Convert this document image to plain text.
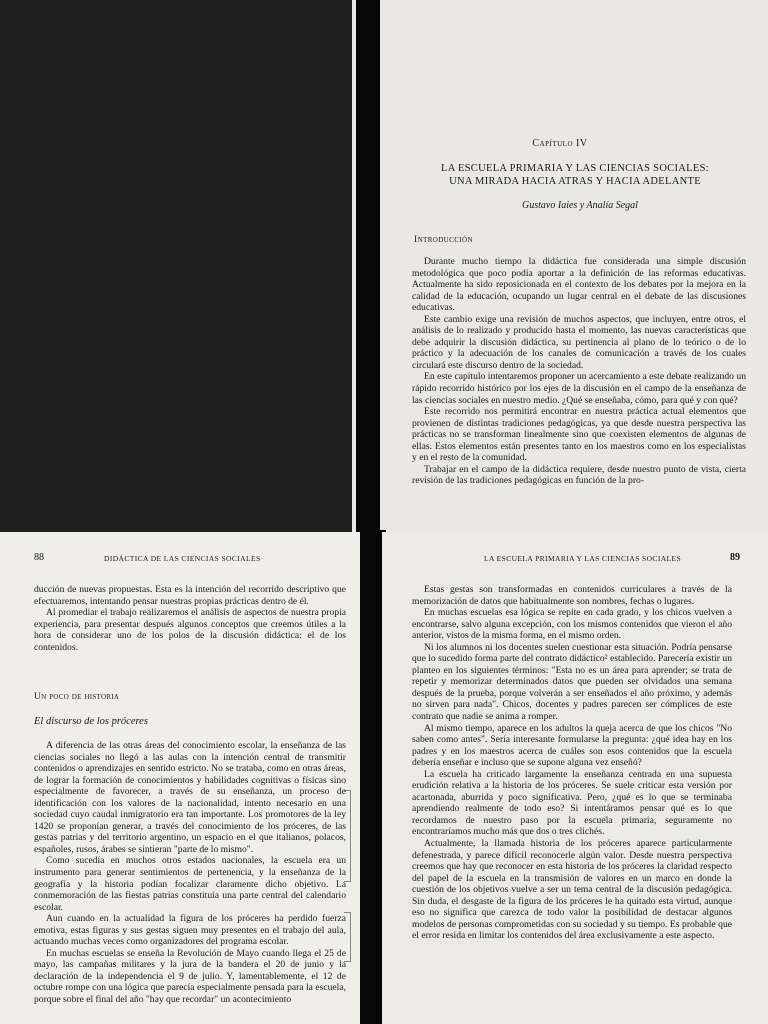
Capítulo IV
LA ESCUELA PRIMARIA Y LAS CIENCIAS SOCIALES:
UNA MIRADA HACIA ATRAS Y HACIA ADELANTE
Gustavo Iaies y Analía Segal
Introducción

Durante mucho tiempo la didáctica fue considerada una simple discusión metodológica que poco podía aportar a la definición de las reformas educativas. Actualmente ha sido reposicionada en el contexto de los debates por la mejora en la calidad de la educación, ocupando un lugar central en el debate de las discusiones educativas.

Este cambio exige una revisión de muchos aspectos, que incluyen, entre otros, el análisis de lo realizado y producido hasta el momento, las nuevas características que debe adquirir la discusión didáctica, su pertinencia al plano de lo teórico o de lo práctico y la adecuación de los canales de comunicación a través de los cuales circulará este discurso dentro de la sociedad.

En este capítulo intentaremos proponer un acercamiento a este debate realizando un rápido recorrido histórico por los ejes de la discusión en el campo de la enseñanza de las ciencias sociales en nuestro medio. ¿Qué se enseñaba, cómo, para qué y con qué?

Este recorrido nos permitirá encontrar en nuestra práctica actual elementos que provienen de distintas tradiciones pedagógicas, ya que desde nuestra perspectiva las prácticas no se transforman linealmente sino que coexisten elementos de algunas de ellas. Estos elementos están presentes tanto en los maestros como en los especialistas y en el resto de la comunidad.

Trabajar en el campo de la didáctica requiere, desde nuestro punto de vista, cierta revisión de las tradiciones pedagógicas en función de la pro-

88	DIDÁCTICA DE LAS CIENCIAS SOCIALES

ducción de nuevas propuestas. Esta es la intención del recorrido descriptivo que efectuaremos, intentando pensar nuestras propias prácticas dentro de él.

Al promediar el trabajo realizaremos el análisis de aspectos de nuestra propia experiencia, para presentar después algunos conceptos que creemos útiles a la hora de considerar uno de los polos de la discusión didáctica: el de los contenidos.

Un poco de historia
El discurso de los próceres

A diferencia de las otras áreas del conocimiento escolar, la enseñanza de las ciencias sociales no llegó a las aulas con la intención central de transmitir contenidos o aprendizajes en sentido estricto. No se trataba, como en otras áreas, de lograr la formación de conocimientos y habilidades cognitivas o físicas sino especialmente de favorecer, a través de su enseñanza, un proceso de identificación con los valores de la nacionalidad, intento necesario en una sociedad cuyo caudal inmigratorio era tan importante. Los promotores de la ley 1420 se proponían generar, a través del conocimiento de los próceres, de las gestas patrias y del territorio argentino, un espacio en el que italianos, polacos, españoles, rusos, árabes se sintieran "parte de lo mismo".

Como sucedía en muchos otros estados nacionales, la escuela era un instrumento para generar sentimientos de pertenencia, y la enseñanza de la geografía y la historia podían focalizar claramente dicho objetivo. La conmemoración de las fiestas patrias constituía una parte central del calendario escolar.

Aun cuando en la actualidad la figura de los próceres ha perdido fuerza emotiva, estas figuras y sus gestas siguen muy presentes en el trabajo del aula, actuando muchas veces como organizadores del programa escolar.

En muchas escuelas se enseña la Revolución de Mayo cuando llega el 25 de mayo, las campañas militares y la jura de la bandera el 20 de junio y la declaración de la independencia el 9 de julio. Y, lamentablemente, el 12 de octubre rompe con una lógica que parecía especialmente pensada para la escuela, porque sobre el final del año "hay que recordar" un acontecimiento

LA ESCUELA PRIMARIA Y LAS CIENCIAS SOCIALES	89

Estas gestas son transformadas en contenidos curriculares a través de la memorización de datos que habitualmente son nombres, fechas o lugares.

En muchas escuelas esa lógica se repite en cada grado, y los chicos vuelven a encontrarse, salvo alguna excepción, con los mismos contenidos que vieron el año anterior, vistos de la misma forma, en el mismo orden.

Ni los alumnos ni los docentes suelen cuestionar esta situación. Podría pensarse que lo sucedido forma parte del contrato didáctico² establecido. Parecería existir un planteo en los siguientes términos: "Esta no es un área para aprender; se trata de repetir y memorizar determinados datos que pueden ser olvidados una semana después de la prueba, porque volverán a ser enseñados el año próximo, y además no sirven para nada". Chicos, docentes y padres parecen ser cómplices de este contrato que nadie se anima a romper.

Al mismo tiempo, aparece en los adultos la queja acerca de que los chicos "No saben como antes". Sería interesante formularse la pregunta: ¿qué idea hay en los padres y en los maestros acerca de cuáles son esos contenidos que la escuela debería enseñar e incluso que se supone alguna vez enseñó?

La escuela ha criticado largamente la enseñanza centrada en una supuesta erudición relativa a la historia de los próceres. Se suele criticar esta versión por acartonada, aburrida y poco significativa. Pero, ¿qué es lo que se terminaba aprendiendo realmente de todo eso? Si intentáramos pensar qué es lo que recordamos de nuestro paso por la escuela primaria, seguramente no encontraríamos mucho más que dos o tres clichés.

Actualmente, la llamada historia de los próceres aparece particularmente defenestrada, y parece difícil reconocerle algún valor. Desde nuestra perspectiva creemos que hay que reconocer en esta historia de los próceres la claridad respecto del papel de la escuela en la transmisión de valores en un marco en donde la cuestión de los objetivos vuelve a ser un tema central de la discusión pedagógica. Sin duda, el desgaste de la figura de los próceres le ha quitado esta virtud, aunque eso no significa que carezca de todo valor la posibilidad de destacar algunos modelos de personas comprometidas con su sociedad y su tiempo. Es probable que el error resida en limitar los contenidos del área exclusivamente a este aspecto.
